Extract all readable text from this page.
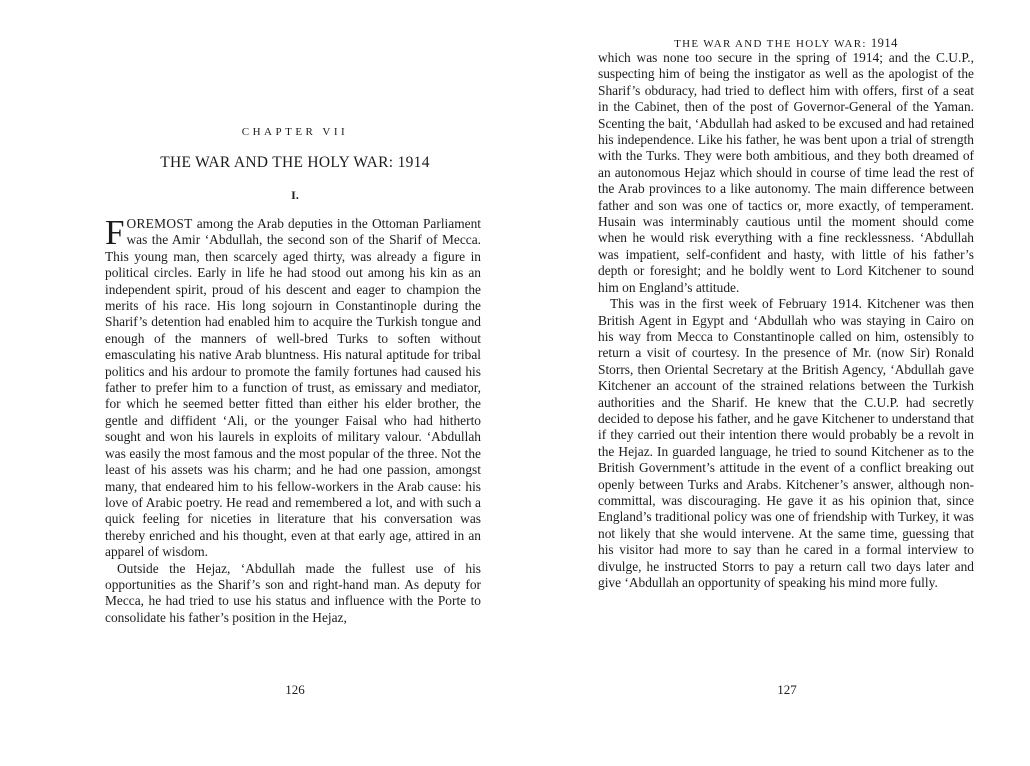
CHAPTER VII
THE WAR AND THE HOLY WAR: 1914
I.

FOREMOST among the Arab deputies in the Ottoman Parliament was the Amir ‘Abdullah, the second son of the Sharif of Mecca. This young man, then scarcely aged thirty, was already a figure in political circles. Early in life he had stood out among his kin as an independent spirit, proud of his descent and eager to champion the merits of his race. His long sojourn in Constantinople during the Sharif’s detention had enabled him to acquire the Turkish tongue and enough of the manners of well-bred Turks to soften without emasculating his native Arab bluntness. His natural aptitude for tribal politics and his ardour to promote the family fortunes had caused his father to prefer him to a function of trust, as emissary and mediator, for which he seemed better fitted than either his elder brother, the gentle and diffident ‘Ali, or the younger Faisal who had hitherto sought and won his laurels in exploits of military valour. ‘Abdullah was easily the most famous and the most popular of the three. Not the least of his assets was his charm; and he had one passion, amongst many, that endeared him to his fellow-workers in the Arab cause: his love of Arabic poetry. He read and remembered a lot, and with such a quick feeling for niceties in literature that his conversation was thereby enriched and his thought, even at that early age, attired in an apparel of wisdom.

Outside the Hejaz, ‘Abdullah made the fullest use of his opportunities as the Sharif’s son and right-hand man. As deputy for Mecca, he had tried to use his status and influence with the Porte to consolidate his father’s position in the Hejaz,

126
THE WAR AND THE HOLY WAR: 1914

which was none too secure in the spring of 1914; and the C.U.P., suspecting him of being the instigator as well as the apologist of the Sharif’s obduracy, had tried to deflect him with offers, first of a seat in the Cabinet, then of the post of Governor-General of the Yaman. Scenting the bait, ‘Abdullah had asked to be excused and had retained his independence. Like his father, he was bent upon a trial of strength with the Turks. They were both ambitious, and they both dreamed of an autonomous Hejaz which should in course of time lead the rest of the Arab provinces to a like autonomy. The main difference between father and son was one of tactics or, more exactly, of temperament. Husain was interminably cautious until the moment should come when he would risk everything with a fine recklessness. ‘Abdullah was impatient, self-confident and hasty, with little of his father’s depth or foresight; and he boldly went to Lord Kitchener to sound him on England’s attitude.

This was in the first week of February 1914. Kitchener was then British Agent in Egypt and ‘Abdullah who was staying in Cairo on his way from Mecca to Constantinople called on him, ostensibly to return a visit of courtesy. In the presence of Mr. (now Sir) Ronald Storrs, then Oriental Secretary at the British Agency, ‘Abdullah gave Kitchener an account of the strained relations between the Turkish authorities and the Sharif. He knew that the C.U.P. had secretly decided to depose his father, and he gave Kitchener to understand that if they carried out their intention there would probably be a revolt in the Hejaz. In guarded language, he tried to sound Kitchener as to the British Government’s attitude in the event of a conflict breaking out openly between Turks and Arabs. Kitchener’s answer, although non-committal, was discouraging. He gave it as his opinion that, since England’s traditional policy was one of friendship with Turkey, it was not likely that she would intervene. At the same time, guessing that his visitor had more to say than he cared in a formal interview to divulge, he instructed Storrs to pay a return call two days later and give ‘Abdullah an opportunity of speaking his mind more fully.

127
